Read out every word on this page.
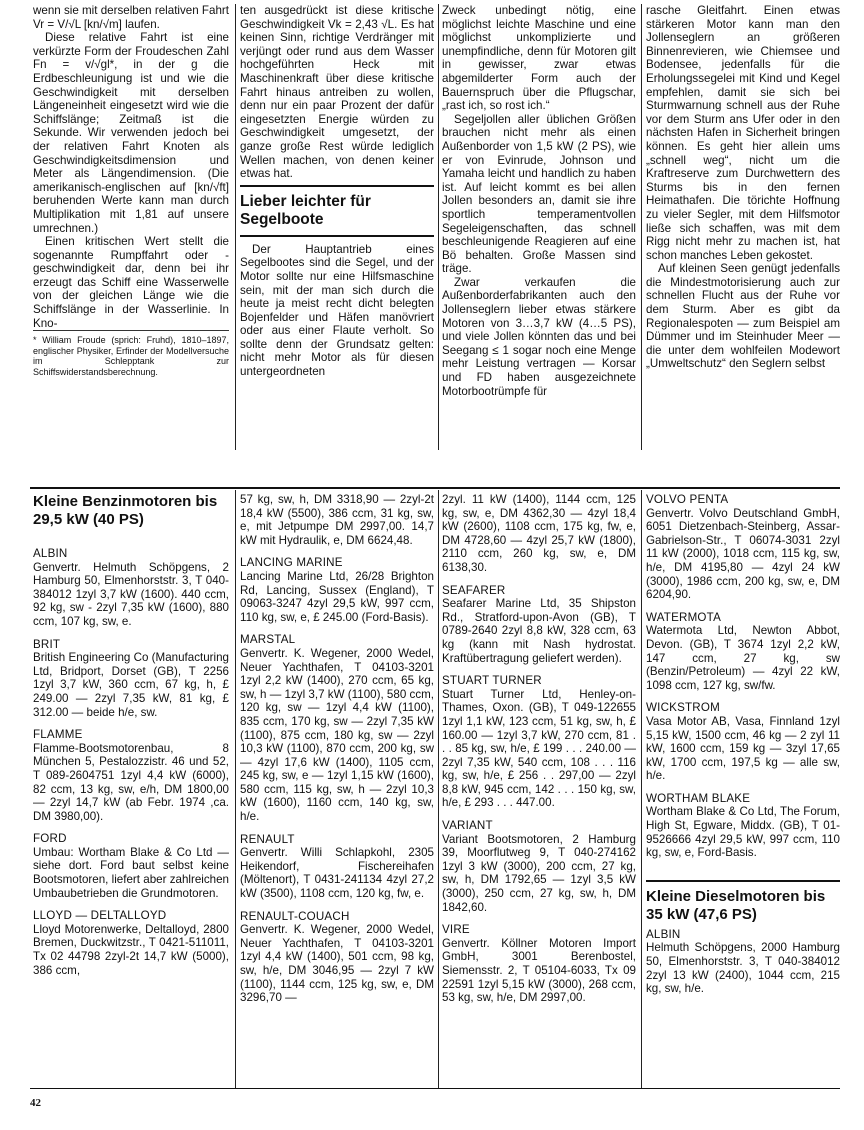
wenn sie mit derselben relativen Fahrt Vr = V/√L [kn/√m] laufen.

Diese relative Fahrt ist eine verkürzte Form der Froudeschen Zahl Fn = v/√gl*, in der g die Erdbeschleunigung ist und wie die Geschwindigkeit mit derselben Längeneinheit eingesetzt wird wie die Schiffslänge; Zeitmaß ist die Sekunde. Wir verwenden jedoch bei der relativen Fahrt Knoten als Geschwindigkeitsdimension und Meter als Längendimension. (Die amerikanisch-englischen auf [kn/√ft] beruhenden Werte kann man durch Multiplikation mit 1,81 auf unsere umrechnen.)

Einen kritischen Wert stellt die sogenannte Rumpffahrt oder -geschwindigkeit dar, denn bei ihr erzeugt das Schiff eine Wasserwelle von der gleichen Länge wie die Schiffslänge in der Wasserlinie. In Kno-

* William Froude (sprich: Fruhd), 1810–1897, englischer Physiker, Erfinder der Modellversuche im Schlepptank zur Schiffswiderstandsberechnung.

ten ausgedrückt ist diese kritische Geschwindigkeit Vk = 2,43 √L. Es hat keinen Sinn, richtige Verdränger mit verjüngt oder rund aus dem Wasser hochgeführten Heck mit Maschinenkraft über diese kritische Fahrt hinaus antreiben zu wollen, denn nur ein paar Prozent der dafür eingesetzten Energie würden zu Geschwindigkeit umgesetzt, der ganze große Rest würde lediglich Wellen machen, von denen keiner etwas hat.

Lieber leichter für Segelboote

Der Hauptantrieb eines Segelbootes sind die Segel, und der Motor sollte nur eine Hilfsmaschine sein, mit der man sich durch die heute ja meist recht dicht belegten Bojenfelder und Häfen manövriert oder aus einer Flaute verholt. So sollte denn der Grundsatz gelten: nicht mehr Motor als für diesen untergeordneten

Zweck unbedingt nötig, eine möglichst leichte Maschine und eine möglichst unkomplizierte und unempfindliche, denn für Motoren gilt in gewisser, zwar etwas abgemilderter Form auch der Bauernspruch über die Pflugschar, „rast ich, so rost ich.“

Segeljollen aller üblichen Größen brauchen nicht mehr als einen Außenborder von 1,5 kW (2 PS), wie er von Evinrude, Johnson und Yamaha leicht und handlich zu haben ist. Auf leicht kommt es bei allen Jollen besonders an, damit sie ihre sportlich temperamentvollen Segeleigenschaften, das schnell beschleunigende Reagieren auf eine Bö behalten. Große Massen sind träge.

Zwar verkaufen die Außenborderfabrikanten auch den Jollenseglern lieber etwas stärkere Motoren von 3…3,7 kW (4…5 PS), und viele Jollen könnten das und bei Seegang ≤ 1 sogar noch eine Menge mehr Leistung vertragen — Korsar und FD haben ausgezeichnete Motorbootrümpfe für

rasche Gleitfahrt. Einen etwas stärkeren Motor kann man den Jollenseglern an größeren Binnenrevieren, wie Chiemsee und Bodensee, jedenfalls für die Erholungssegelei mit Kind und Kegel empfehlen, damit sie sich bei Sturmwarnung schnell aus der Ruhe vor dem Sturm ans Ufer oder in den nächsten Hafen in Sicherheit bringen können. Es geht hier allein ums „schnell weg“, nicht um die Kraftreserve zum Durchwettern des Sturms bis in den fernen Heimathafen. Die törichte Hoffnung zu vieler Segler, mit dem Hilfsmotor ließe sich schaffen, was mit dem Rigg nicht mehr zu machen ist, hat schon manches Leben gekostet.

Auf kleinen Seen genügt jedenfalls die Mindestmotorisierung auch zur schnellen Flucht aus der Ruhe vor dem Sturm. Aber es gibt da Regionalespoten — zum Beispiel am Dümmer und im Steinhuder Meer — die unter dem wohlfeilen Modewort „Umweltschutz“ den Seglern selbst

Kleine Benzinmotoren bis 29,5 kW (40 PS)
ALBIN

Genvertr. Helmuth Schöpgens, 2 Hamburg 50, Elmenhorststr. 3, T 040-384012 1zyl 3,7 kW (1600). 440 ccm, 92 kg, sw - 2zyl 7,35 kW (1600), 880 ccm, 107 kg, sw, e.

BRIT

British Engineering Co (Manufacturing Ltd, Bridport, Dorset (GB), T 2256 1zyl 3,7 kW, 360 ccm, 67 kg, h, £ 249.00 — 2zyl 7,35 kW, 81 kg, £ 312.00 — beide h/e, sw.

FLAMME

Flamme-Bootsmotorenbau, 8 München 5, Pestalozzistr. 46 und 52, T 089-2604751 1zyl 4,4 kW (6000), 82 ccm, 13 kg, sw, e/h, DM 1800,00 — 2zyl 14,7 kW (ab Febr. 1974 ,ca. DM 3980,00).

FORD

Umbau: Wortham Blake & Co Ltd — siehe dort. Ford baut selbst keine Bootsmotoren, liefert aber zahlreichen Umbaubetrieben die Grundmotoren.

LLOYD — DELTALLOYD

Lloyd Motorenwerke, Deltalloyd, 2800 Bremen, Duckwitzstr., T 0421-511011, Tx 02 44798 2zyl-2t 14,7 kW (5000), 386 ccm,

57 kg, sw, h, DM 3318,90 — 2zyl-2t 18,4 kW (5500), 386 ccm, 31 kg, sw, e, mit Jetpumpe DM 2997,00. 14,7 kW mit Hydraulik, e, DM 6624,48.

LANCING MARINE

Lancing Marine Ltd, 26/28 Brighton Rd, Lancing, Sussex (England), T 09063-3247 4zyl 29,5 kW, 997 ccm, 110 kg, sw, e, £ 245.00 (Ford-Basis).

MARSTAL

Genvertr. K. Wegener, 2000 Wedel, Neuer Yachthafen, T 04103-3201 1zyl 2,2 kW (1400), 270 ccm, 65 kg, sw, h — 1zyl 3,7 kW (1100), 580 ccm, 120 kg, sw — 1zyl 4,4 kW (1100), 835 ccm, 170 kg, sw — 2zyl 7,35 kW (1100), 875 ccm, 180 kg, sw — 2zyl 10,3 kW (1100), 870 ccm, 200 kg, sw — 4zyl 17,6 kW (1400), 1105 ccm, 245 kg, sw, e — 1zyl 1,15 kW (1600), 580 ccm, 115 kg, sw, h — 2zyl 10,3 kW (1600), 1160 ccm, 140 kg, sw, h/e.

RENAULT

Genvertr. Willi Schlapkohl, 2305 Heikendorf, Fischereihafen (Möltenort), T 0431-241134 4zyl 27,2 kW (3500), 1108 ccm, 120 kg, fw, e.

RENAULT-COUACH

Genvertr. K. Wegener, 2000 Wedel, Neuer Yachthafen, T 04103-3201 1zyl 4,4 kW (1400), 501 ccm, 98 kg, sw, h/e, DM 3046,95 — 2zyl 7 kW (1100), 1144 ccm, 125 kg, sw, e, DM 3296,70 —

2zyl. 11 kW (1400), 1144 ccm, 125 kg, sw, e, DM 4362,30 — 4zyl 18,4 kW (2600), 1108 ccm, 175 kg, fw, e, DM 4728,60 — 4zyl 25,7 kW (1800), 2110 ccm, 260 kg, sw, e, DM 6138,30.

SEAFARER

Seafarer Marine Ltd, 35 Shipston Rd., Stratford-upon-Avon (GB), T 0789-2640 2zyl 8,8 kW, 328 ccm, 63 kg (kann mit Nash hydrostat. Kraftübertragung geliefert werden).

STUART TURNER

Stuart Turner Ltd, Henley-on-Thames, Oxon. (GB), T 049-122655 1zyl 1,1 kW, 123 ccm, 51 kg, sw, h, £ 160.00 — 1zyl 3,7 kW, 270 ccm, 81 . . . 85 kg, sw, h/e, £ 199 . . . 240.00 — 2zyl 7,35 kW, 540 ccm, 108 . . . 116 kg, sw, h/e, £ 256 . . 297,00 — 2zyl 8,8 kW, 945 ccm, 142 . . . 150 kg, sw, h/e, £ 293 . . . 447.00.

VARIANT

Variant Bootsmotoren, 2 Hamburg 39, Moorflutweg 9, T 040-274162 1zyl 3 kW (3000), 200 ccm, 27 kg, sw, h, DM 1792,65 — 1zyl 3,5 kW (3000), 250 ccm, 27 kg, sw, h, DM 1842,60.

VIRE

Genvertr. Köllner Motoren Import GmbH, 3001 Berenbostel, Siemensstr. 2, T 05104-6033, Tx 09 22591 1zyl 5,15 kW (3000), 268 ccm, 53 kg, sw, h/e, DM 2997,00.

VOLVO PENTA

Genvertr. Volvo Deutschland GmbH, 6051 Dietzenbach-Steinberg, Assar-Gabrielson-Str., T 06074-3031 2zyl 11 kW (2000), 1018 ccm, 115 kg, sw, h/e, DM 4195,80 — 4zyl 24 kW (3000), 1986 ccm, 200 kg, sw, e, DM 6204,90.

WATERMOTA

Watermota Ltd, Newton Abbot, Devon. (GB), T 3674 1zyl 2,2 kW, 147 ccm, 27 kg, sw (Benzin/Petroleum) — 4zyl 22 kW, 1098 ccm, 127 kg, sw/fw.

WICKSTROM

Vasa Motor AB, Vasa, Finnland 1zyl 5,15 kW, 1500 ccm, 46 kg — 2 zyl 11 kW, 1600 ccm, 159 kg — 3zyl 17,65 kW, 1700 ccm, 197,5 kg — alle sw, h/e.

WORTHAM BLAKE

Wortham Blake & Co Ltd, The Forum, High St, Egware, Middx. (GB), T 01-9526666 4zyl 29,5 kW, 997 ccm, 110 kg, sw, e, Ford-Basis.

Kleine Dieselmotoren bis 35 kW (47,6 PS)
ALBIN

Helmuth Schöpgens, 2000 Hamburg 50, Elmenhorststr. 3, T 040-384012 2zyl 13 kW (2400), 1044 ccm, 215 kg, sw, h/e.

42
